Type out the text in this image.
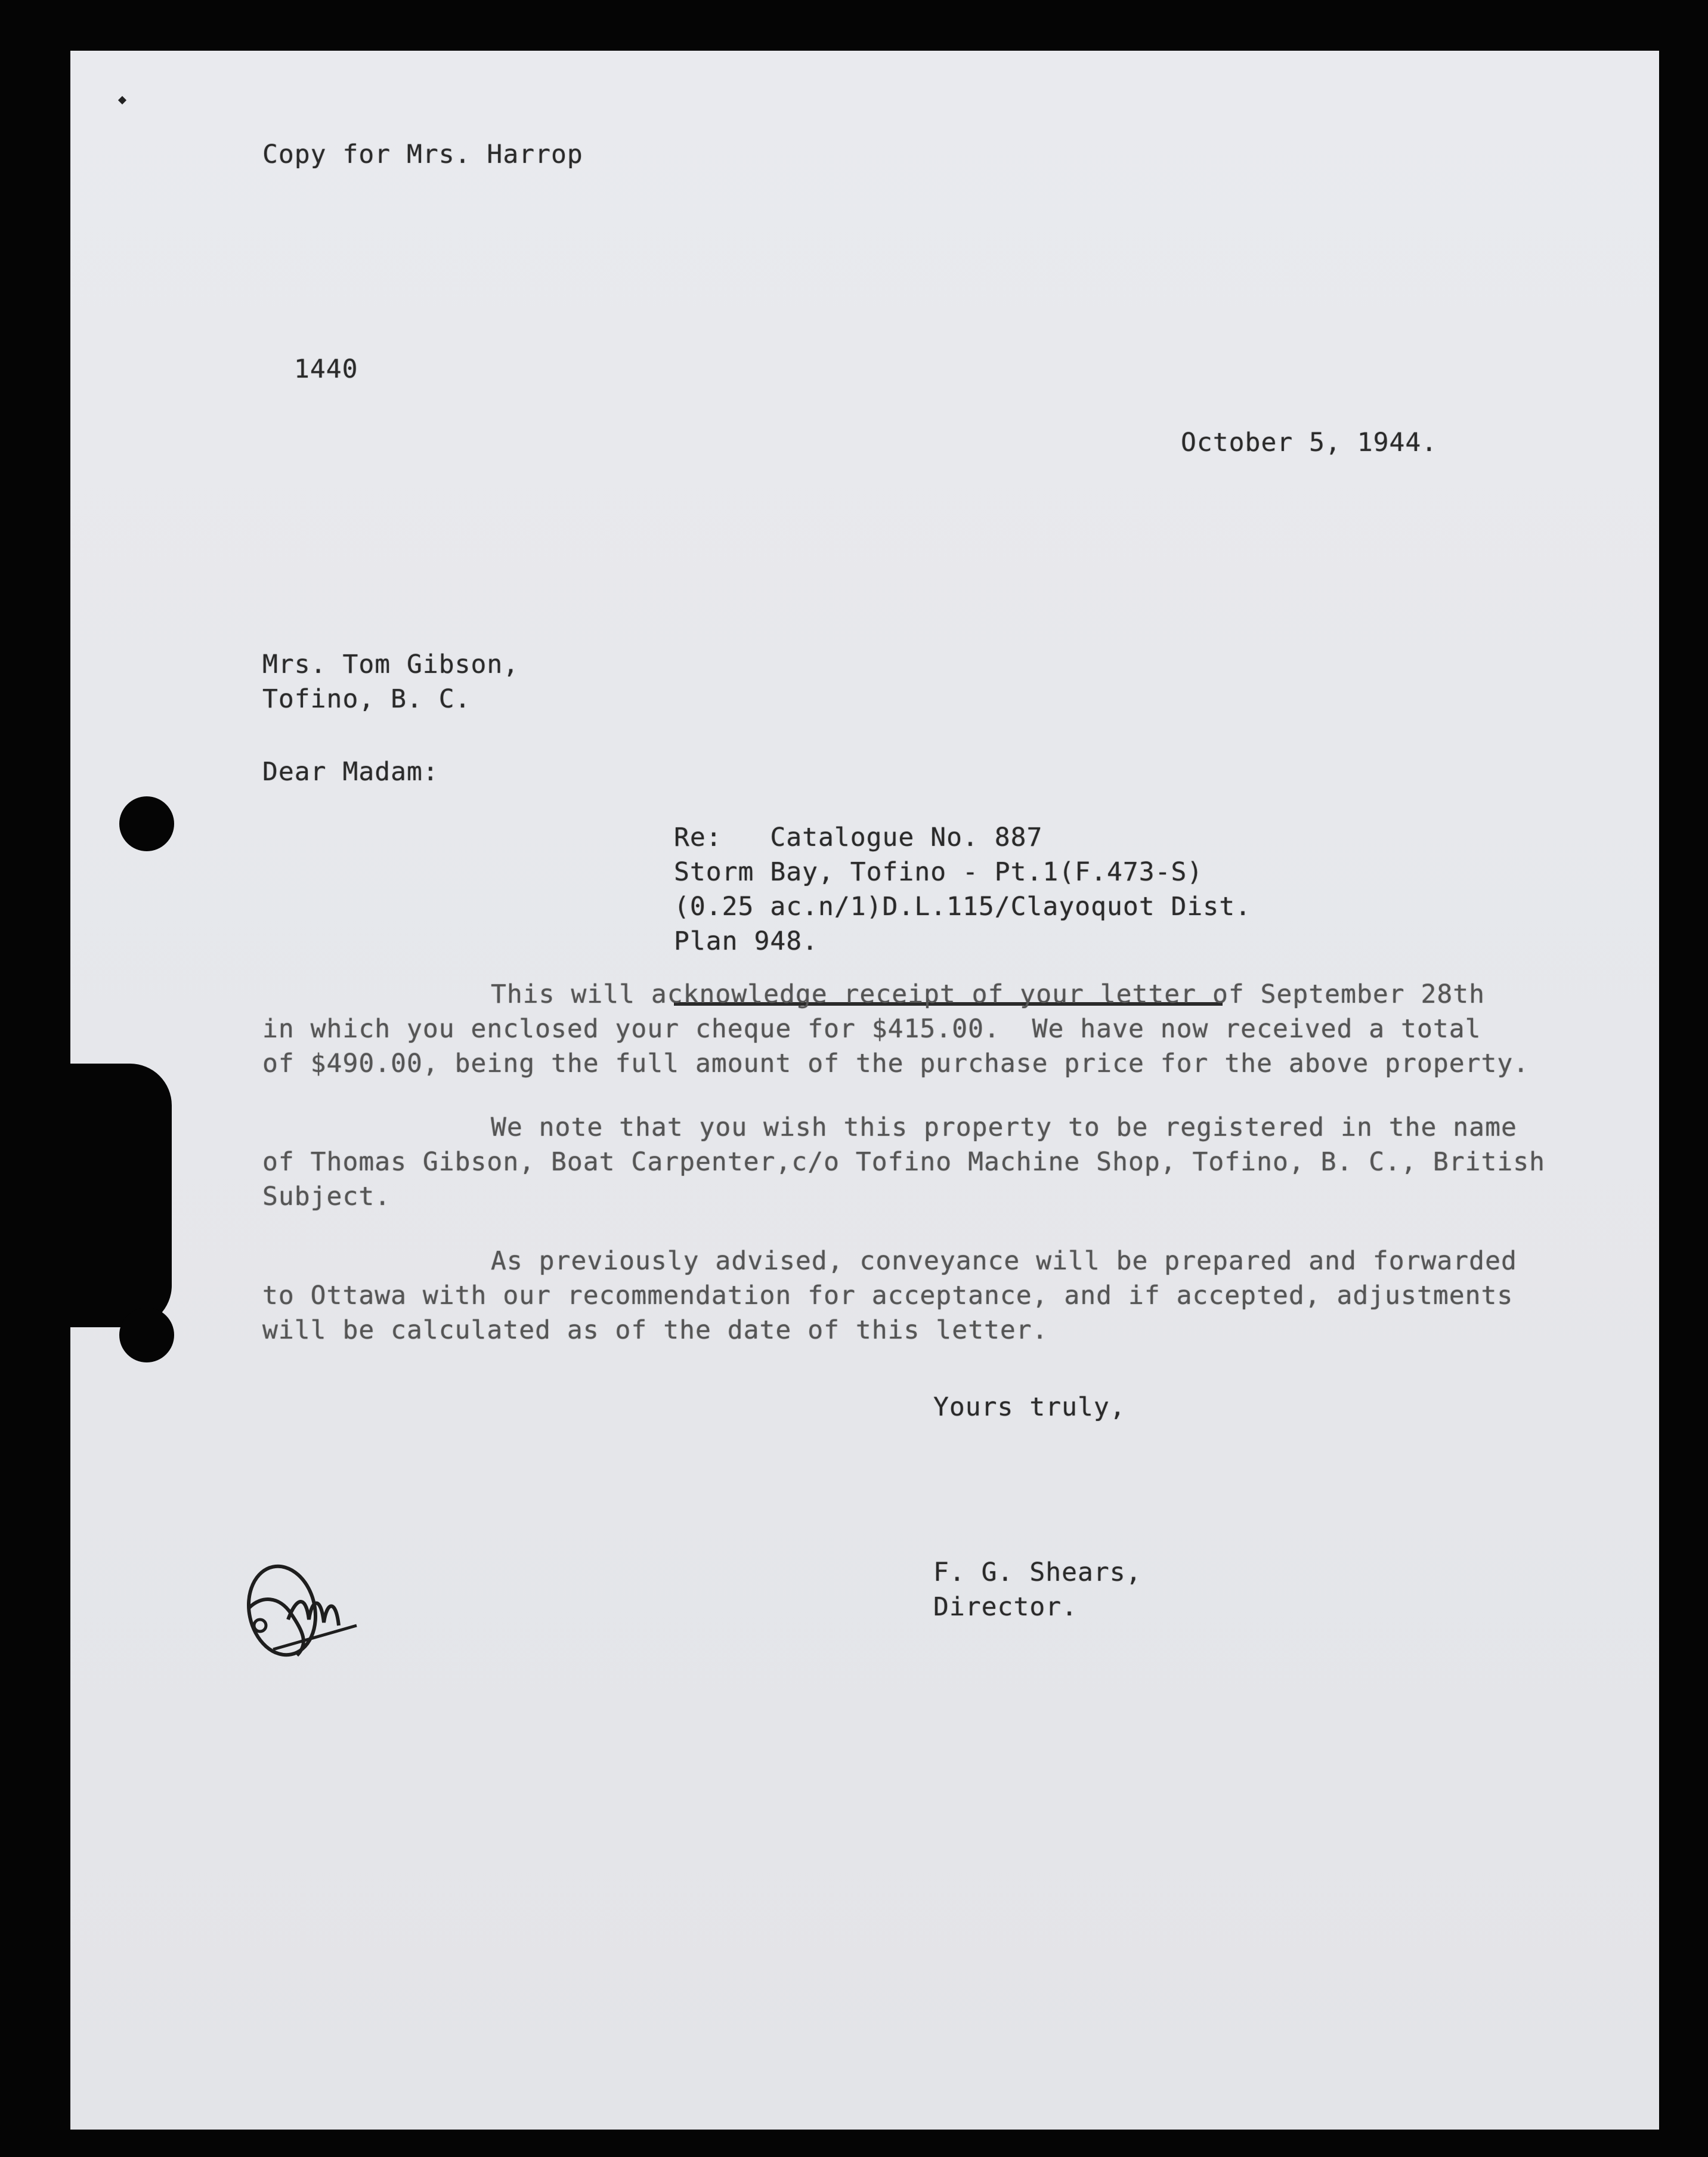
Copy for Mrs. Harrop
1440
October 5, 1944.
Mrs. Tom Gibson,
Tofino, B. C.
Dear Madam:
Re:   Catalogue No. 887
Storm Bay, Tofino - Pt.1(F.473-S)
(0.25 ac.n/1)D.L.115/Clayoquot Dist.
Plan 948.
This will acknowledge receipt of your letter of September 28th
in which you enclosed your cheque for $415.00.  We have now received a total
of $490.00, being the full amount of the purchase price for the above property.
We note that you wish this property to be registered in the name
of Thomas Gibson, Boat Carpenter,c/o Tofino Machine Shop, Tofino, B. C., British
Subject.
As previously advised, conveyance will be prepared and forwarded
to Ottawa with our recommendation for acceptance, and if accepted, adjustments
will be calculated as of the date of this letter.
Yours truly,
F. G. Shears,
Director.
